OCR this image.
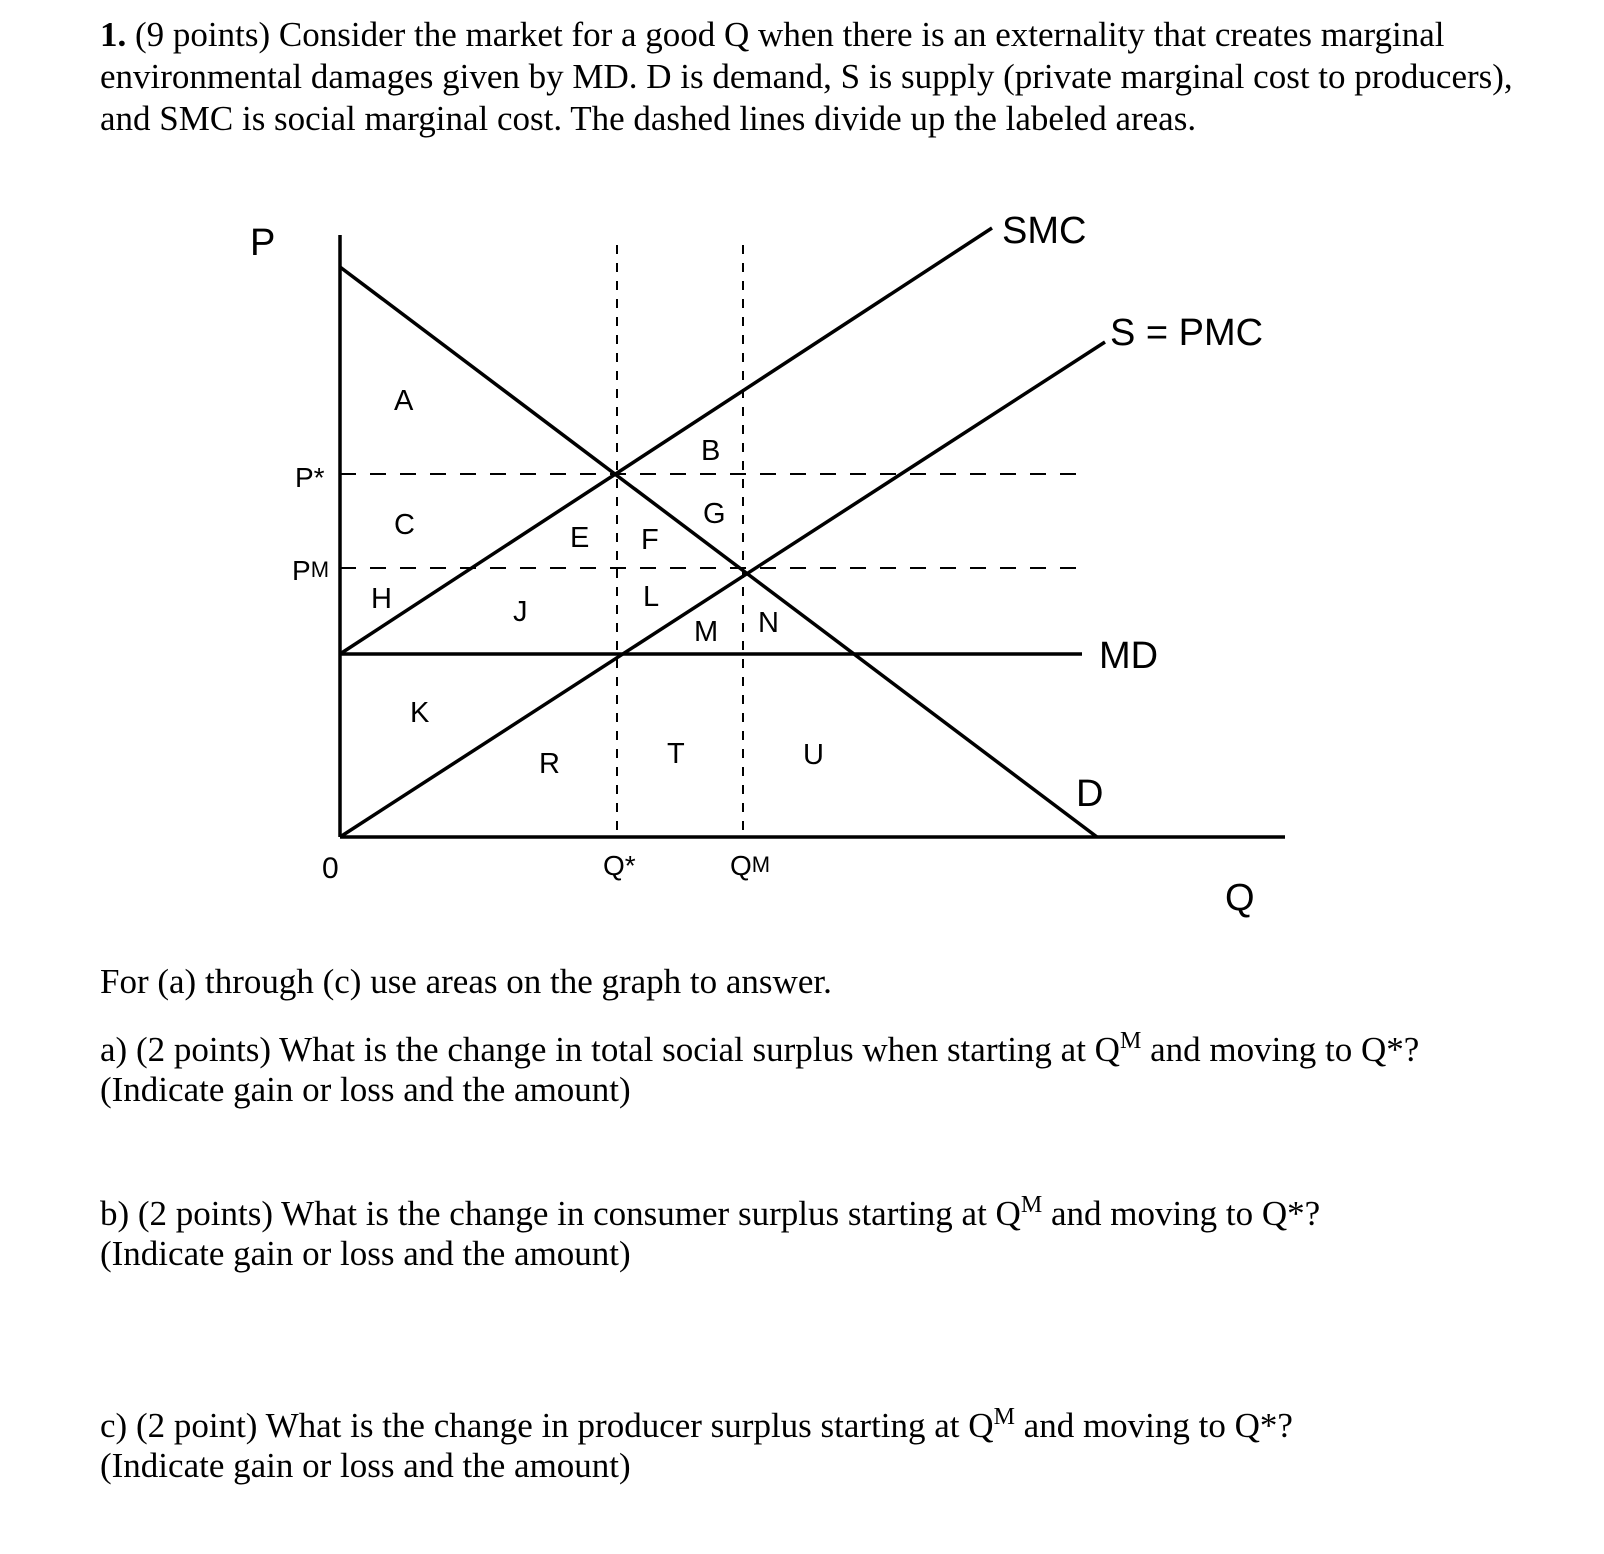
1. (9 points) Consider the market for a good Q when there is an externality that creates marginal environmental damages given by MD. D is demand, S is supply (private marginal cost to producers), and SMC is social marginal cost. The dashed lines divide up the labeled areas.

P
Q
0
P*
PM
Q*	QM
SMC
S = PMC
MD
D
A
B
C	E F
G
H	J
K
L
M N
R	T	U

For (a) through (c) use areas on the graph to answer.

a) (2 points) What is the change in total social surplus when starting at $Q^M$ and moving to Q*?
(Indicate gain or loss and the amount)

b) (2 points) What is the change in consumer surplus starting at $Q^M$ and moving to Q*?
(Indicate gain or loss and the amount)

c) (2 point) What is the change in producer surplus starting at $Q^M$ and moving to Q*?
(Indicate gain or loss and the amount)
